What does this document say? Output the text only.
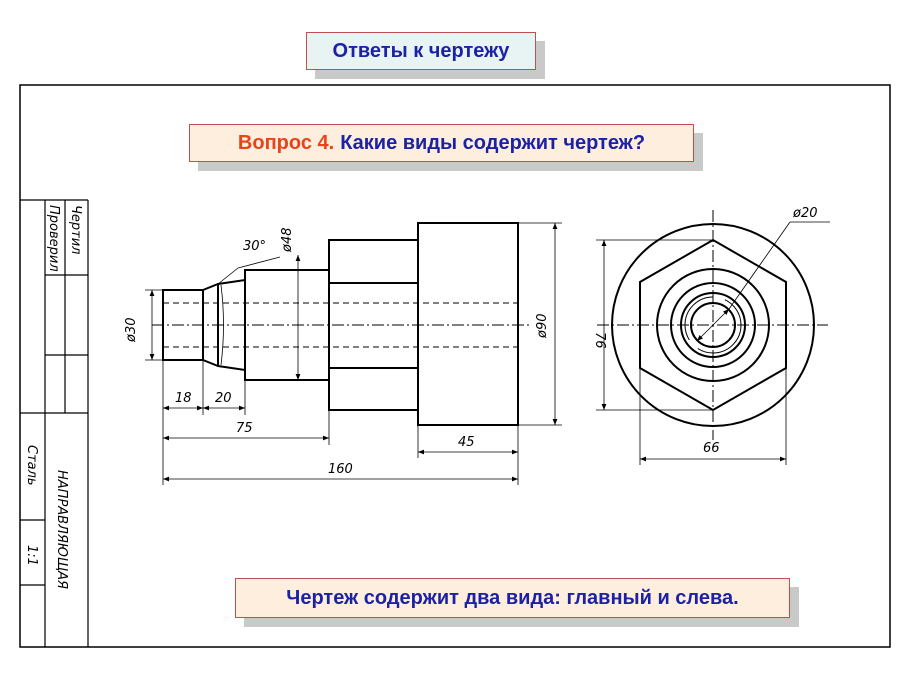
Ответы к чертежу
Чертил
Проверил
Сталь
1:1 НАПРАВЛЯЮЩАЯ
ø30
ø48
30°
ø90
18 20
75
45
160
ø20
76
66
Вопрос 4. Какие виды содержит чертеж?
Чертеж содержит два вида: главный и слева.
